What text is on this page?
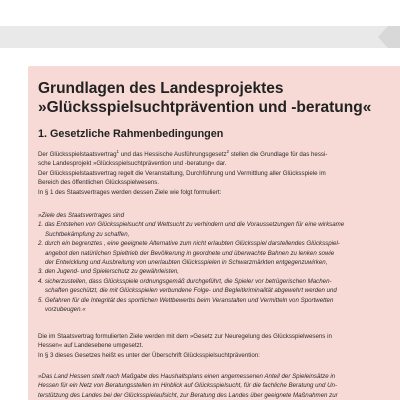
Grundlagen des Landesprojektes
»Glücksspielsuchtprävention und -beratung«
1. Gesetzliche Rahmenbedingungen
Der Glücksspielstaatsvertrag$^1$ und das Hessische Ausführungsgesetz$^2$ stellen die Grundlage für das hessi-
sche Landesprojekt »Glücksspielsuchtprävention und -beratung« dar.
Der Glücksspielstaatsvertrag regelt die Veranstaltung, Durchführung und Vermittlung aller Glücksspiele im
Bereich des öffentlichen Glücksspielwesens.
In § 1 des Staatsvertrages werden dessen Ziele wie folgt formuliert:
»Ziele des Staatsvertrages sind
1. das Entstehen von Glücksspielsucht und Wettsucht zu verhindern und die Voraussetzungen für eine wirksame
Suchtbekämpfung zu schaffen,
2. durch ein begrenztes , eine geeignete Alternative zum nicht erlaubten Glücksspiel darstellendes Glücksspiel-
angebot den natürlichen Spieltrieb der Bevölkerung in geordnete und überwachte Bahnen zu lenken sowie
der Entwicklung und Ausbreitung von unerlaubten Glücksspielen in Schwarzmärkten entgegenzuwirken,
3. den Jugend- und Spielerschutz zu gewährleisten,
4. sicherzustellen, dass Glücksspiele ordnungsgemäß durchgeführt, die Spieler vor betrügerischen Machen-
schaften geschützt, die mit Glücksspielen verbundene Folge- und Begleitkriminalität abgewehrt werden und
5. Gefahren für die Integrität des sportlichen Wettbewerbs beim Veranstalten und Vermitteln von Sportwetten
vorzubeugen.«
Die im Staatsvertrag formulierten Ziele werden mit dem »Gesetz zur Neuregelung des Glücksspielwesens in
Hessen« auf Landesebene umgesetzt.
In § 3 dieses Gesetzes heißt es unter der Überschrift Glücksspielsuchtprävention:
»Das Land Hessen stellt nach Maßgabe des Haushaltsplans einen angemessenen Anteil der Spieleinsätze in
Hessen für ein Netz von Beratungsstellen im Hinblick auf Glücksspielsucht, für die fachliche Beratung und Un-
terstützung des Landes bei der Glücksspielaufsicht, zur Beratung des Landes über geeignete Maßnahmen zur
